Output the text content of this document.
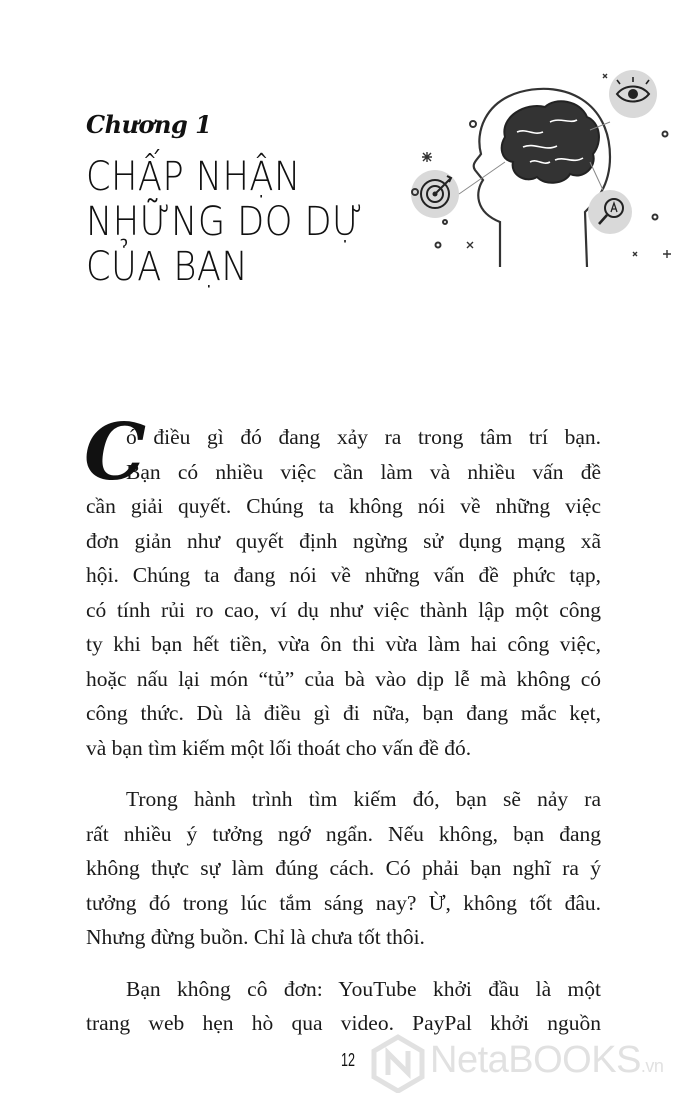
Chương 1
CHẤP NHẬN
NHỮNG DO DỰ
CỦA BẠN
C
ó điều gì đó đang xảy ra trong tâm trí bạn.
Bạn có nhiều việc cần làm và nhiều vấn đề
cần giải quyết. Chúng ta không nói về những việc
đơn giản như quyết định ngừng sử dụng mạng xã
hội. Chúng ta đang nói về những vấn đề phức tạp,
có tính rủi ro cao, ví dụ như việc thành lập một công
ty khi bạn hết tiền, vừa ôn thi vừa làm hai công việc,
hoặc nấu lại món “tủ” của bà vào dịp lễ mà không có
công thức. Dù là điều gì đi nữa, bạn đang mắc kẹt,
và bạn tìm kiếm một lối thoát cho vấn đề đó.
Trong hành trình tìm kiếm đó, bạn sẽ nảy ra
rất nhiều ý tưởng ngớ ngẩn. Nếu không, bạn đang
không thực sự làm đúng cách. Có phải bạn nghĩ ra ý
tưởng đó trong lúc tắm sáng nay? Ừ, không tốt đâu.
Nhưng đừng buồn. Chỉ là chưa tốt thôi.
Bạn không cô đơn: YouTube khởi đầu là một
trang web hẹn hò qua video. PayPal khởi nguồn
12 NetaBOOKS.vn
